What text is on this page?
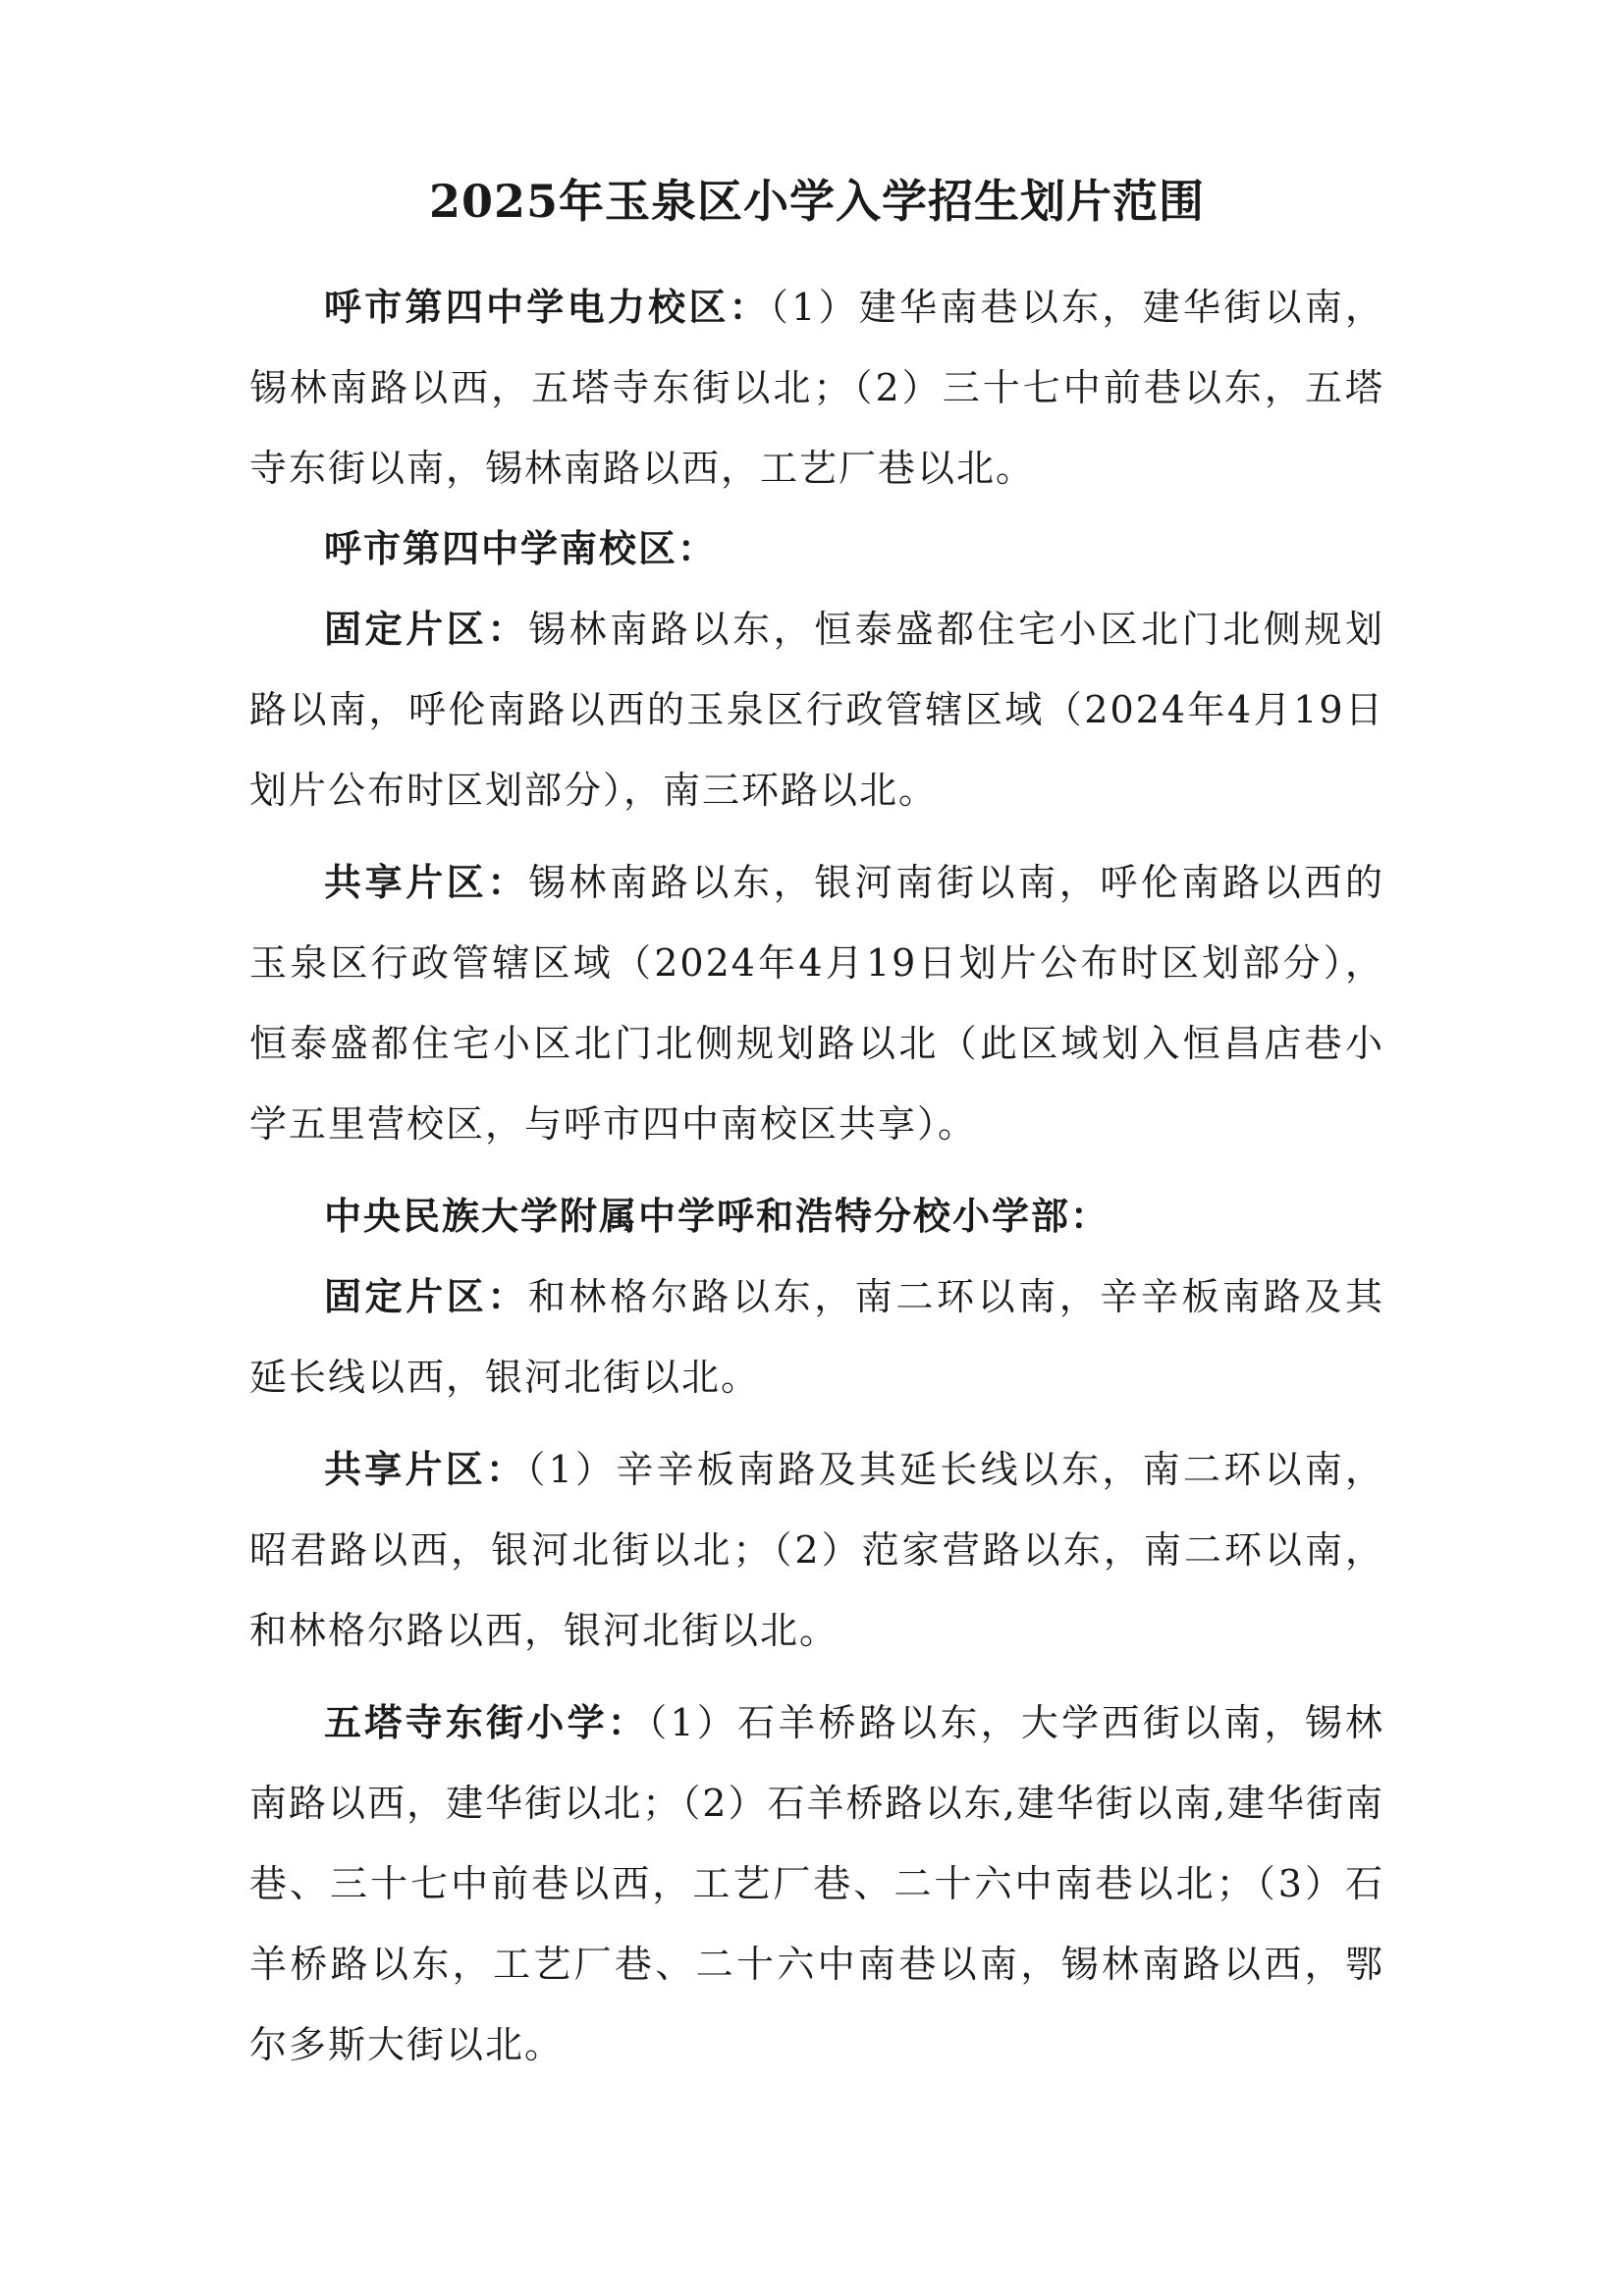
2025年玉泉区小学入学招生划片范围

呼市第四中学电力校区：（1）建华南巷以东，建华街以南，锡林南路以西，五塔寺东街以北；（2）三十七中前巷以东，五塔寺东街以南，锡林南路以西，工艺厂巷以北。

呼市第四中学南校区：

固定片区：锡林南路以东，恒泰盛都住宅小区北门北侧规划路以南，呼伦南路以西的玉泉区行政管辖区域（2024年4月19日划片公布时区划部分），南三环路以北。

共享片区：锡林南路以东，银河南街以南，呼伦南路以西的玉泉区行政管辖区域（2024年4月19日划片公布时区划部分），恒泰盛都住宅小区北门北侧规划路以北（此区域划入恒昌店巷小学五里营校区，与呼市四中南校区共享）。

中央民族大学附属中学呼和浩特分校小学部：

固定片区：和林格尔路以东，南二环以南，辛辛板南路及其延长线以西，银河北街以北。

共享片区：（1）辛辛板南路及其延长线以东，南二环以南，昭君路以西，银河北街以北；（2）范家营路以东，南二环以南，和林格尔路以西，银河北街以北。

五塔寺东街小学：（1）石羊桥路以东，大学西街以南，锡林南路以西，建华街以北；（2）石羊桥路以东,建华街以南,建华街南巷、三十七中前巷以西，工艺厂巷、二十六中南巷以北；（3）石羊桥路以东，工艺厂巷、二十六中南巷以南，锡林南路以西，鄂尔多斯大街以北。
